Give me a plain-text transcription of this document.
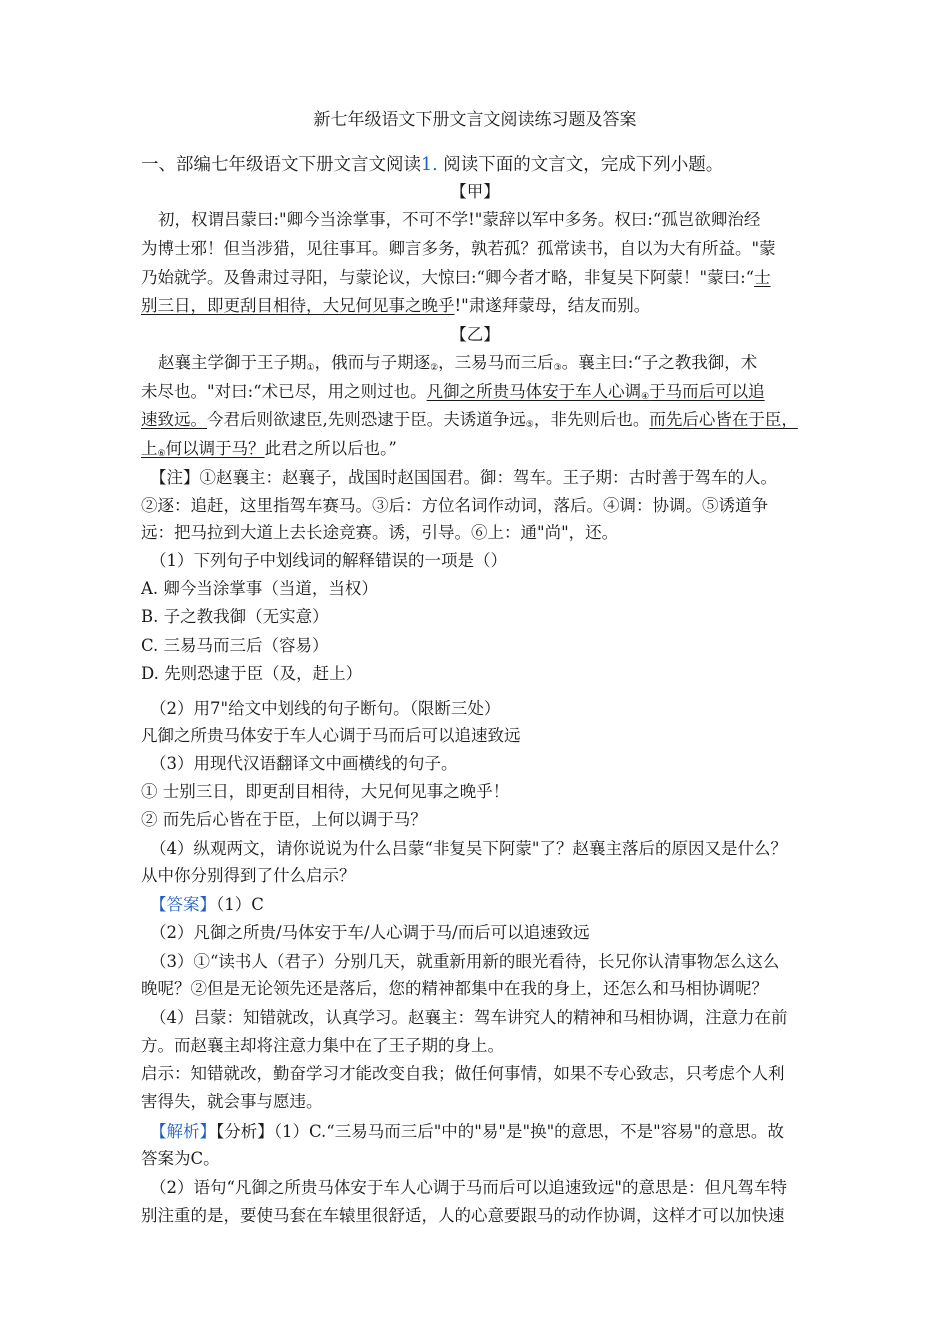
新七年级语文下册文言文阅读练习题及答案
一、部编七年级语文下册文言文阅读1. 阅读下面的文言文，完成下列小题。
【甲】
初，权谓吕蒙曰:"卿今当涂掌事，不可不学!"蒙辞以军中多务。权曰:“孤岂欲卿治经
为博士邪！但当涉猎，见往事耳。卿言多务，孰若孤？孤常读书，自以为大有所益。"蒙
乃始就学。及鲁肃过寻阳，与蒙论议，大惊曰:“卿今者才略，非复吴下阿蒙！"蒙曰:“士
别三日，即更刮目相待，大兄何见事之晚乎!"肃遂拜蒙母，结友而别。
【乙】
赵襄主学御于王子期$_①$，俄而与子期逐$_②$，三易马而三后$_③$。襄主曰:“子之教我御，术
未尽也。"对曰:“术已尽，用之则过也。凡御之所贵马体安于车人心调$_④$于马而后可以追
速致远。今君后则欲逮臣,先则恐逮于臣。夫诱道争远$_⑤$，非先则后也。而先后心皆在于臣，
上$_⑥$何以调于马？此君之所以后也。”
【注】①赵襄主：赵襄子，战国时赵国国君。御：驾车。王子期：古时善于驾车的人。
②逐：追赶，这里指驾车赛马。③后：方位名词作动词，落后。④调：协调。⑤诱道争
远：把马拉到大道上去长途竞赛。诱，引导。⑥上：通"尚"，还。
（1）下列句子中划线词的解释错误的一项是（）
A. 卿今当涂掌事（当道，当权）
B. 子之教我御（无实意）
C. 三易马而三后（容易）
D. 先则恐逮于臣（及，赶上）
（2）用7"给文中划线的句子断句。（限断三处）
凡御之所贵马体安于车人心调于马而后可以追速致远
（3）用现代汉语翻译文中画横线的句子。
① 士别三日，即更刮目相待，大兄何见事之晚乎！
② 而先后心皆在于臣，上何以调于马？
（4）纵观两文，请你说说为什么吕蒙“非复吴下阿蒙"了？赵襄主落后的原因又是什么？
从中你分别得到了什么启示？
【答案】（1）C
（2）凡御之所贵/马体安于车/人心调于马/而后可以追速致远
（3）①“读书人（君子）分别几天，就重新用新的眼光看待，长兄你认清事物怎么这么
晚呢？②但是无论领先还是落后，您的精神都集中在我的身上，还怎么和马相协调呢？
（4）吕蒙：知错就改，认真学习。赵襄主：驾车讲究人的精神和马相协调，注意力在前
方。而赵襄主却将注意力集中在了王子期的身上。
启示：知错就改，勤奋学习才能改变自我；做任何事情，如果不专心致志，只考虑个人利
害得失，就会事与愿违。
【解析】【分析】（1）C.“三易马而三后"中的"易"是"换"的意思，不是"容易"的意思。故
答案为C。
（2）语句“凡御之所贵马体安于车人心调于马而后可以追速致远"的意思是：但凡驾车特
别注重的是，要使马套在车辕里很舒适，人的心意要跟马的动作协调，这样才可以加快速
